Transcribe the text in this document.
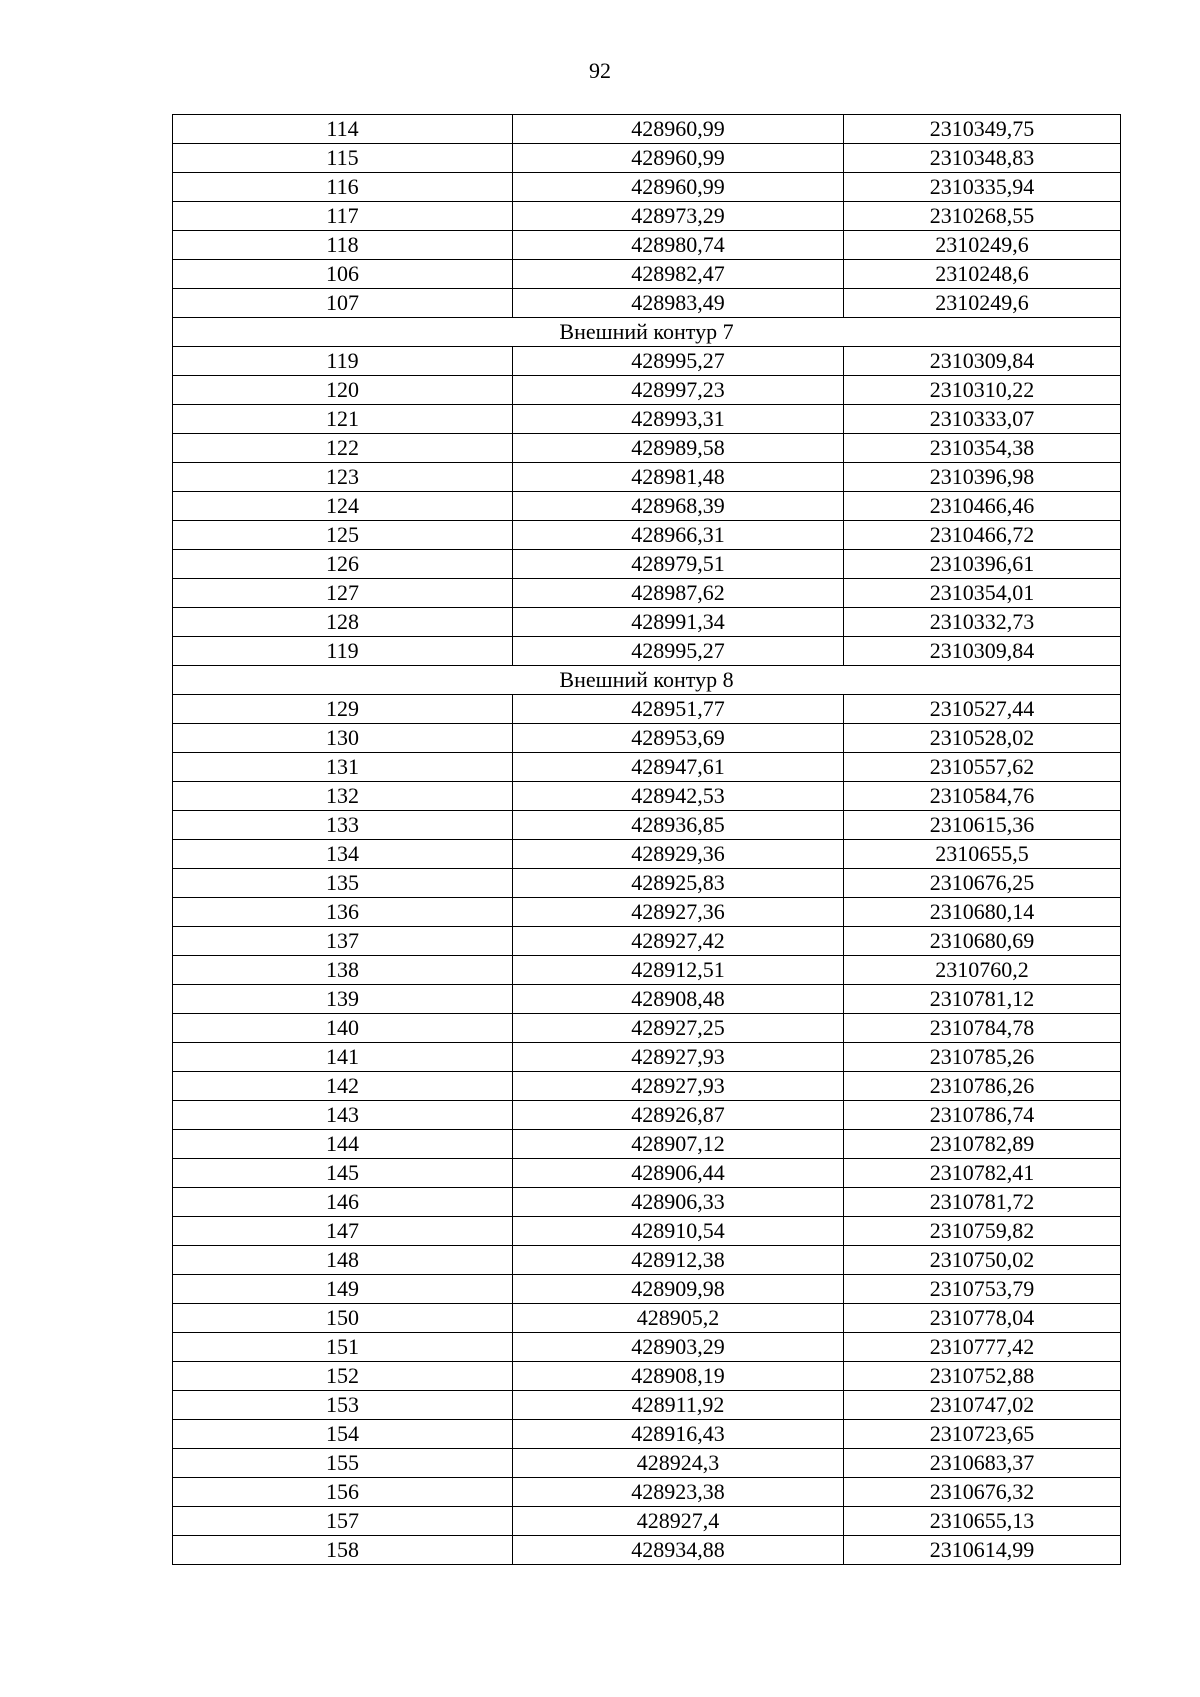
92
114	428960,99	2310349,75
115	428960,99	2310348,83
116	428960,99	2310335,94
117	428973,29	2310268,55
118	428980,74	2310249,6
106	428982,47	2310248,6
107	428983,49	2310249,6
Внешний контур 7		
119	428995,27	2310309,84
120	428997,23	2310310,22
121	428993,31	2310333,07
122	428989,58	2310354,38
123	428981,48	2310396,98
124	428968,39	2310466,46
125	428966,31	2310466,72
126	428979,51	2310396,61
127	428987,62	2310354,01
128	428991,34	2310332,73
119	428995,27	2310309,84
Внешний контур 8		
129	428951,77	2310527,44
130	428953,69	2310528,02
131	428947,61	2310557,62
132	428942,53	2310584,76
133	428936,85	2310615,36
134	428929,36	2310655,5
135	428925,83	2310676,25
136	428927,36	2310680,14
137	428927,42	2310680,69
138	428912,51	2310760,2
139	428908,48	2310781,12
140	428927,25	2310784,78
141	428927,93	2310785,26
142	428927,93	2310786,26
143	428926,87	2310786,74
144	428907,12	2310782,89
145	428906,44	2310782,41
146	428906,33	2310781,72
147	428910,54	2310759,82
148	428912,38	2310750,02
149	428909,98	2310753,79
150	428905,2	2310778,04
151	428903,29	2310777,42
152	428908,19	2310752,88
153	428911,92	2310747,02
154	428916,43	2310723,65
155	428924,3	2310683,37
156	428923,38	2310676,32
157	428927,4	2310655,13
158	428934,88	2310614,99
